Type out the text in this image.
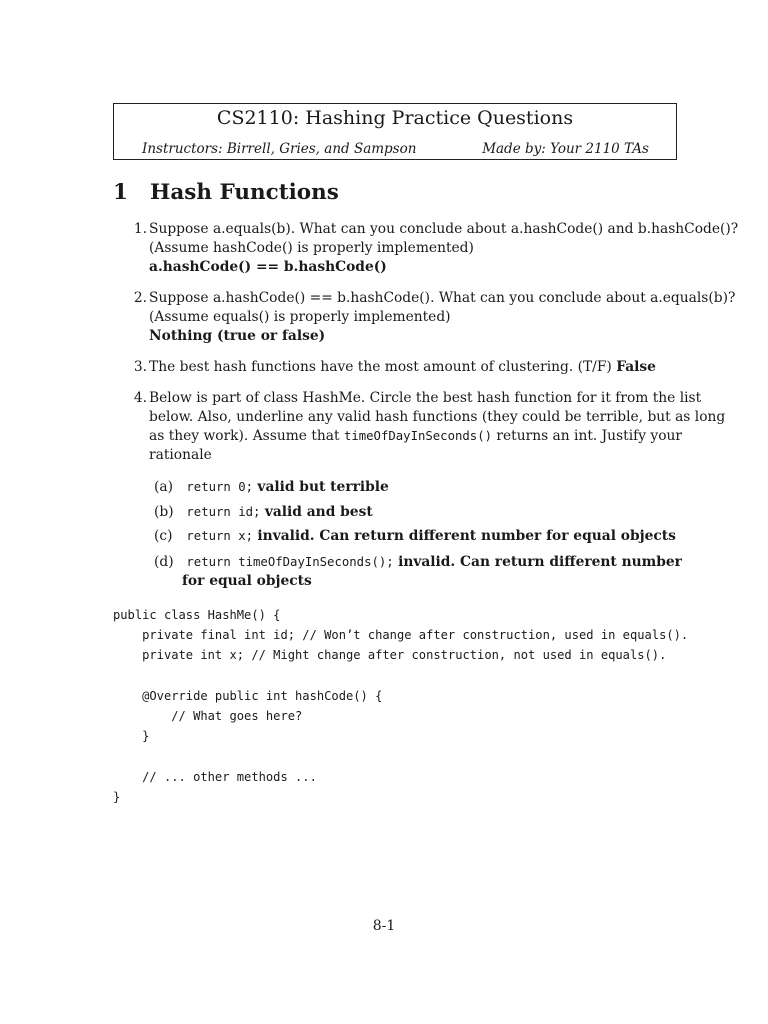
CS2110: Hashing Practice Questions
Instructors: Birrell, Gries, and Sampson	Made by: Your 2110 TAs
1 Hash Functions
1. Suppose a.equals(b). What can you conclude about a.hashCode() and b.hashCode()?
(Assume hashCode() is properly implemented)
a.hashCode() == b.hashCode()
2. Suppose a.hashCode() == b.hashCode(). What can you conclude about a.equals(b)?
(Assume equals() is properly implemented)
Nothing (true or false)
3. The best hash functions have the most amount of clustering. (T/F) False
4. Below is part of class HashMe. Circle the best hash function for it from the list
below. Also, underline any valid hash functions (they could be terrible, but as long
as they work). Assume that timeOfDayInSeconds() returns an int. Justify your
rationale
(a) return 0; valid but terrible
(b) return id; valid and best
(c) return x; invalid. Can return different number for equal objects
(d) return timeOfDayInSeconds(); invalid. Can return different number
for equal objects
public class HashMe() {
private final int id; // Won’t change after construction, used in equals().
private int x; // Might change after construction, not used in equals().
@Override public int hashCode() {
// What goes here?
}
// ... other methods ...
}
8-1
